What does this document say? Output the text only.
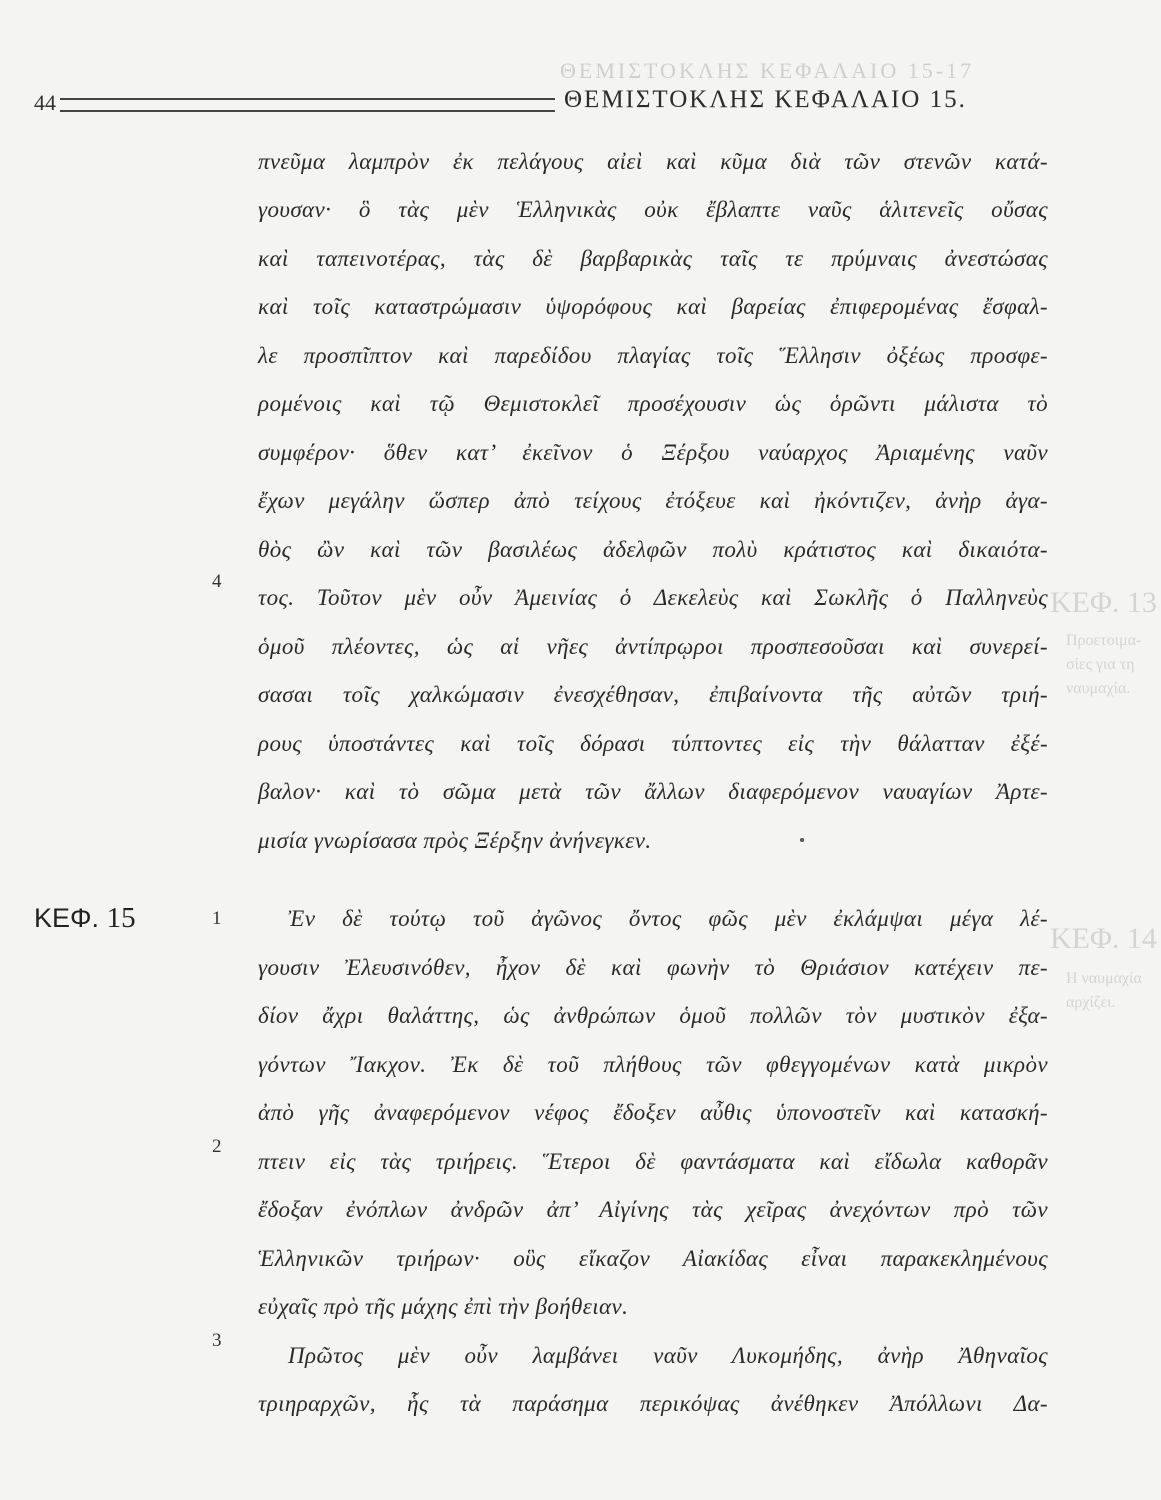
44
ΘΕΜΙΣΤΟΚΛΗΣ ΚΕΦΑΛΑΙΟ 15-17
ΘΕΜΙΣΤΟΚΛΗΣ ΚΕΦΑΛΑΙΟ 15.
ΚΕΦ. 13
Προετοιμα-
σίες για τη
ναυμαχία.
ΚΕΦ. 14
Η ναυμαχία
αρχίζει.
4
1
2
3
ΚΕΦ. 15
πνεῦμα λαμπρὸν ἐκ πελάγους αἰεὶ καὶ κῦμα διὰ τῶν στενῶν κατά-
γουσαν· ὃ τὰς μὲν Ἑλληνικὰς οὐκ ἔβλαπτε ναῦς ἁλιτενεῖς οὔσας
καὶ ταπεινοτέρας, τὰς δὲ βαρβαρικὰς ταῖς τε πρύμναις ἀνεστώσας
καὶ τοῖς καταστρώμασιν ὑψορόφους καὶ βαρείας ἐπιφερομένας ἔσφαλ-
λε προσπῖπτον καὶ παρεδίδου πλαγίας τοῖς Ἕλλησιν ὀξέως προσφε-
ρομένοις καὶ τῷ Θεμιστοκλεῖ προσέχουσιν ὡς ὁρῶντι μάλιστα τὸ
συμφέρον· ὅθεν κατ’ ἐκεῖνον ὁ Ξέρξου ναύαρχος Ἀριαμένης ναῦν
ἔχων μεγάλην ὥσπερ ἀπὸ τείχους ἐτόξευε καὶ ἠκόντιζεν, ἀνὴρ ἀγα-
θὸς ὢν καὶ τῶν βασιλέως ἀδελφῶν πολὺ κράτιστος καὶ δικαιότα-
τος. Τοῦτον μὲν οὖν Ἀμεινίας ὁ Δεκελεὺς καὶ Σωκλῆς ὁ Παλληνεὺς
ὁμοῦ πλέοντες, ὡς αἱ νῆες ἀντίπρῳροι προσπεσοῦσαι καὶ συνερεί-
σασαι τοῖς χαλκώμασιν ἐνεσχέθησαν, ἐπιβαίνοντα τῆς αὐτῶν τριή-
ρους ὑποστάντες καὶ τοῖς δόρασι τύπτοντες εἰς τὴν θάλατταν ἐξέ-
βαλον· καὶ τὸ σῶμα μετὰ τῶν ἄλλων διαφερόμενον ναυαγίων Ἀρτε-
μισία γνωρίσασα πρὸς Ξέρξην ἀνήνεγκεν.
Ἐν δὲ τούτῳ τοῦ ἀγῶνος ὄντος φῶς μὲν ἐκλάμψαι μέγα λέ-
γουσιν Ἐλευσινόθεν, ἦχον δὲ καὶ φωνὴν τὸ Θριάσιον κατέχειν πε-
δίον ἄχρι θαλάττης, ὡς ἀνθρώπων ὁμοῦ πολλῶν τὸν μυστικὸν ἐξα-
γόντων Ἴακχον. Ἐκ δὲ τοῦ πλήθους τῶν φθεγγομένων κατὰ μικρὸν
ἀπὸ γῆς ἀναφερόμενον νέφος ἔδοξεν αὖθις ὑπονοστεῖν καὶ κατασκή-
πτειν εἰς τὰς τριήρεις. Ἕτεροι δὲ φαντάσματα καὶ εἴδωλα καθορᾶν
ἔδοξαν ἐνόπλων ἀνδρῶν ἀπ’ Αἰγίνης τὰς χεῖρας ἀνεχόντων πρὸ τῶν
Ἑλληνικῶν τριήρων· οὓς εἴκαζον Αἰακίδας εἶναι παρακεκλημένους
εὐχαῖς πρὸ τῆς μάχης ἐπὶ τὴν βοήθειαν.
Πρῶτος μὲν οὖν λαμβάνει ναῦν Λυκομήδης, ἀνὴρ Ἀθηναῖος
τριηραρχῶν, ἧς τὰ παράσημα περικόψας ἀνέθηκεν Ἀπόλλωνι Δα-
